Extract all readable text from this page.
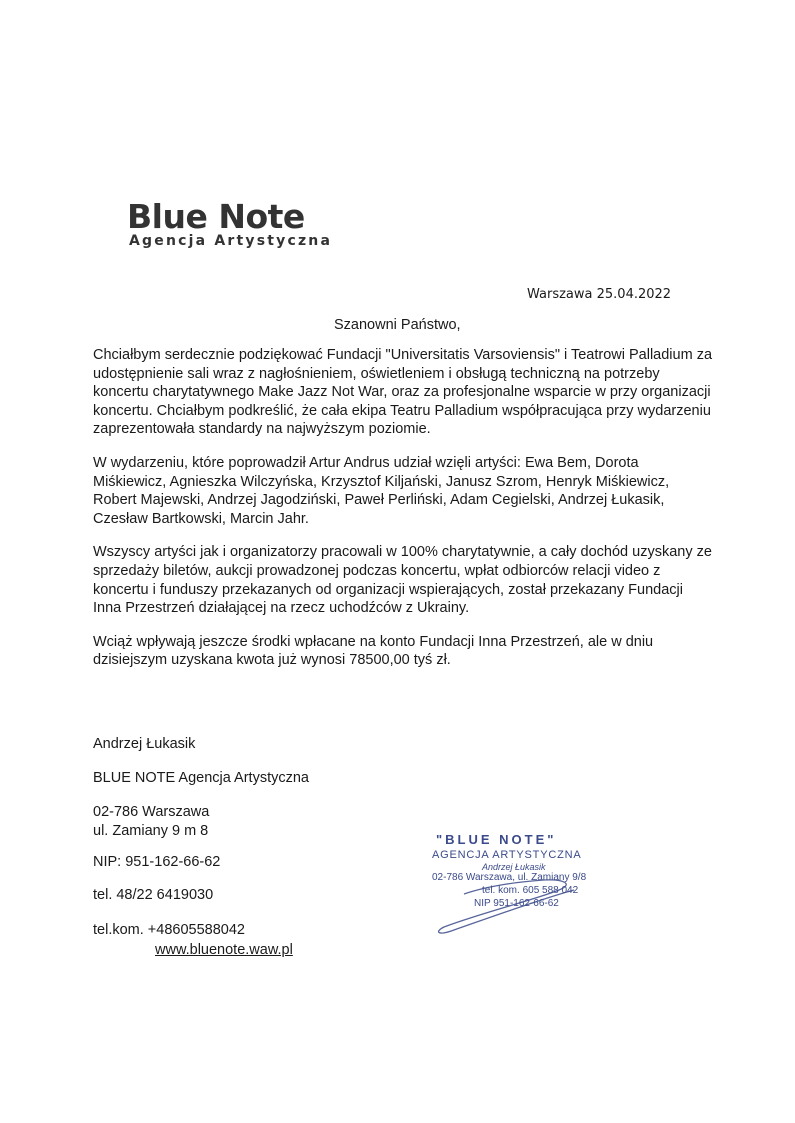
Blue Note
Agencja Artystyczna
Warszawa 25.04.2022
Szanowni Państwo,

Chciałbym serdecznie podziękować Fundacji "Universitatis Varsoviensis" i Teatrowi Palladium za udostępnienie sali wraz z nagłośnieniem, oświetleniem i obsługą techniczną na potrzeby koncertu charytatywnego Make Jazz Not War, oraz za profesjonalne wsparcie w przy organizacji koncertu. Chciałbym podkreślić, że cała ekipa Teatru Palladium współpracująca przy wydarzeniu zaprezentowała standardy na najwyższym poziomie.

W wydarzeniu, które poprowadził Artur Andrus udział wzięli artyści: Ewa Bem, Dorota Miśkiewicz, Agnieszka Wilczyńska, Krzysztof Kiljański, Janusz Szrom, Henryk Miśkiewicz, Robert Majewski, Andrzej Jagodziński, Paweł Perliński, Adam Cegielski, Andrzej Łukasik, Czesław Bartkowski, Marcin Jahr.

Wszyscy artyści jak i organizatorzy pracowali w 100% charytatywnie, a cały dochód uzyskany ze sprzedaży biletów, aukcji prowadzonej podczas koncertu, wpłat odbiorców relacji video z koncertu i funduszy przekazanych od organizacji wspierających, został przekazany Fundacji Inna Przestrzeń działającej na rzecz uchodźców z Ukrainy.

Wciąż wpływają jeszcze środki wpłacane na konto Fundacji Inna Przestrzeń, ale w dniu dzisiejszym uzyskana kwota już wynosi 78500,00 tyś zł.

Andrzej Łukasik
BLUE NOTE Agencja Artystyczna
02-786 Warszawa
ul. Zamiany 9 m 8
NIP: 951-162-66-62
tel. 48/22 6419030
tel.kom. +48605588042
www.bluenote.waw.pl
"BLUE NOTE"
AGENCJA ARTYSTYCZNA
Andrzej Łukasik
02-786 Warszawa, ul. Zamiany 9/8
tel. kom. 605 588 042
NIP 951-162-66-62
